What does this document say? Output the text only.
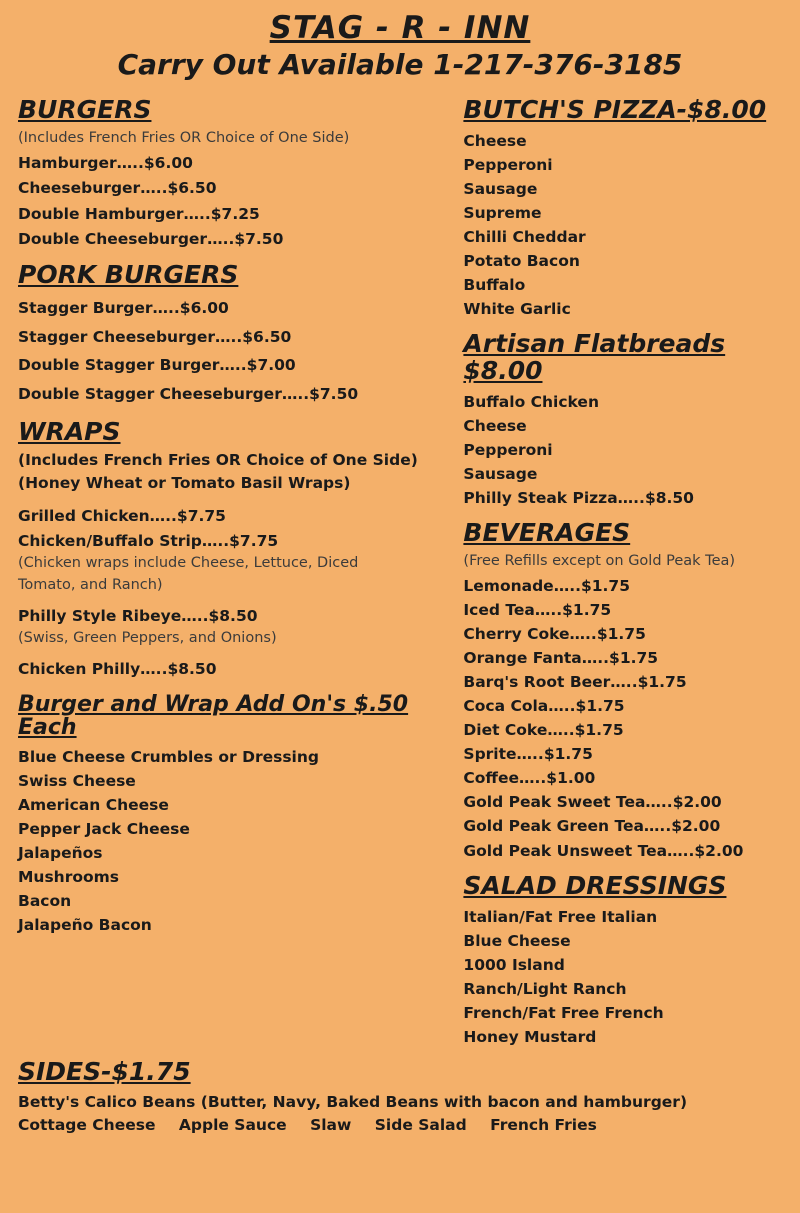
STAG - R - INN
Carry Out Available 1-217-376-3185
BURGERS
(Includes French Fries OR Choice of One Side)
Hamburger…..$6.00
Cheeseburger…..$6.50
Double Hamburger…..$7.25
Double Cheeseburger…..$7.50
PORK BURGERS
Stagger Burger…..$6.00
Stagger Cheeseburger…..$6.50
Double Stagger Burger…..$7.00
Double Stagger Cheeseburger…..$7.50
WRAPS
(Includes French Fries OR Choice of One Side)
(Honey Wheat or Tomato Basil Wraps)
Grilled Chicken…..$7.75
Chicken/Buffalo Strip…..$7.75
(Chicken wraps include Cheese, Lettuce, Diced
Tomato, and Ranch)
Philly Style Ribeye…..$8.50
(Swiss, Green Peppers, and Onions)
Chicken Philly…..$8.50
Burger and Wrap Add On's $.50 Each
Blue Cheese Crumbles or Dressing
Swiss Cheese
American Cheese
Pepper Jack Cheese
Jalapeños
Mushrooms
Bacon
Jalapeño Bacon
BUTCH'S PIZZA-$8.00
Cheese
Pepperoni
Sausage
Supreme
Chilli Cheddar
Potato Bacon
Buffalo
White Garlic
Artisan Flatbreads $8.00
Buffalo Chicken
Cheese
Pepperoni
Sausage
Philly Steak Pizza…..$8.50
BEVERAGES
(Free Refills except on Gold Peak Tea)
Lemonade…..$1.75
Iced Tea…..$1.75
Cherry Coke…..$1.75
Orange Fanta…..$1.75
Barq's Root Beer…..$1.75
Coca Cola…..$1.75
Diet Coke…..$1.75
Sprite…..$1.75
Coffee…..$1.00
Gold Peak Sweet Tea…..$2.00
Gold Peak Green Tea…..$2.00
Gold Peak Unsweet Tea…..$2.00
SALAD DRESSINGS
Italian/Fat Free Italian
Blue Cheese
1000 Island
Ranch/Light Ranch
French/Fat Free French
Honey Mustard
SIDES-$1.75
Betty's Calico Beans (Butter, Navy, Baked Beans with bacon and hamburger)
Cottage Cheese Apple Sauce Slaw Side Salad French Fries
